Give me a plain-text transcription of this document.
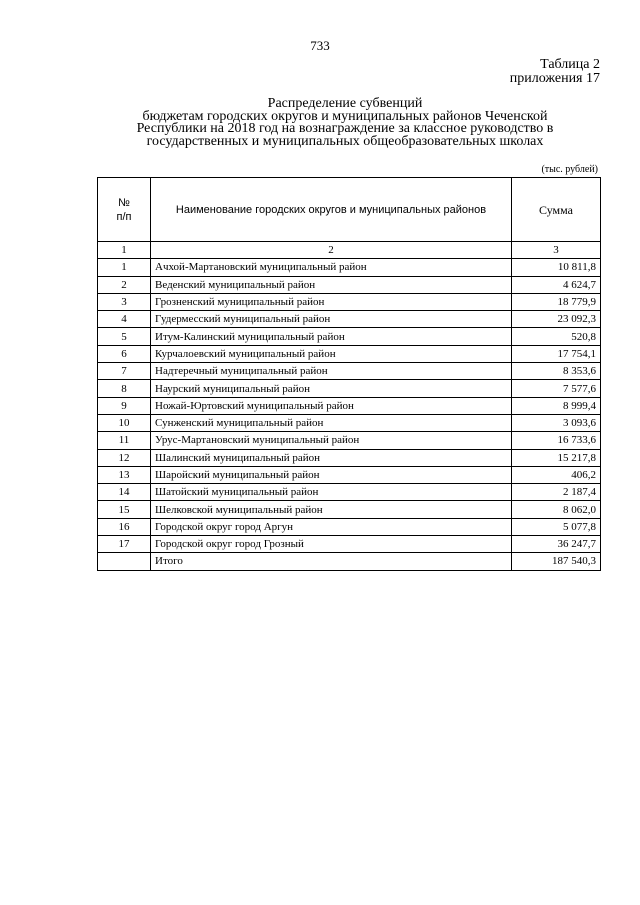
733
Таблица 2
приложения 17
Распределение субвенций
бюджетам городских округов и муниципальных районов Чеченской
Республики на 2018 год на вознаграждение за классное руководство в
государственных и муниципальных общеобразовательных школах
(тыс. рублей)
№
п/п	Наименование городских округов и муниципальных районов	Сумма
1	2	3
1	Ачхой-Мартановский муниципальный район	10 811,8
2	Веденский муниципальный район	4 624,7
3	Грозненский муниципальный район	18 779,9
4	Гудермесский муниципальный район	23 092,3
5	Итум-Калинский муниципальный район	520,8
6	Курчалоевский муниципальный район	17 754,1
7	Надтеречный муниципальный район	8 353,6
8	Наурский муниципальный район	7 577,6
9	Ножай-Юртовский муниципальный район	8 999,4
10	Сунженский муниципальный район	3 093,6
11	Урус-Мартановский муниципальный район	16 733,6
12	Шалинский муниципальный район	15 217,8
13	Шаройский муниципальный район	406,2
14	Шатойский муниципальный район	2 187,4
15	Шелковской муниципальный район	8 062,0
16	Городской округ город Аргун	5 077,8
17	Городской округ город Грозный	36 247,7
	Итого	187 540,3
